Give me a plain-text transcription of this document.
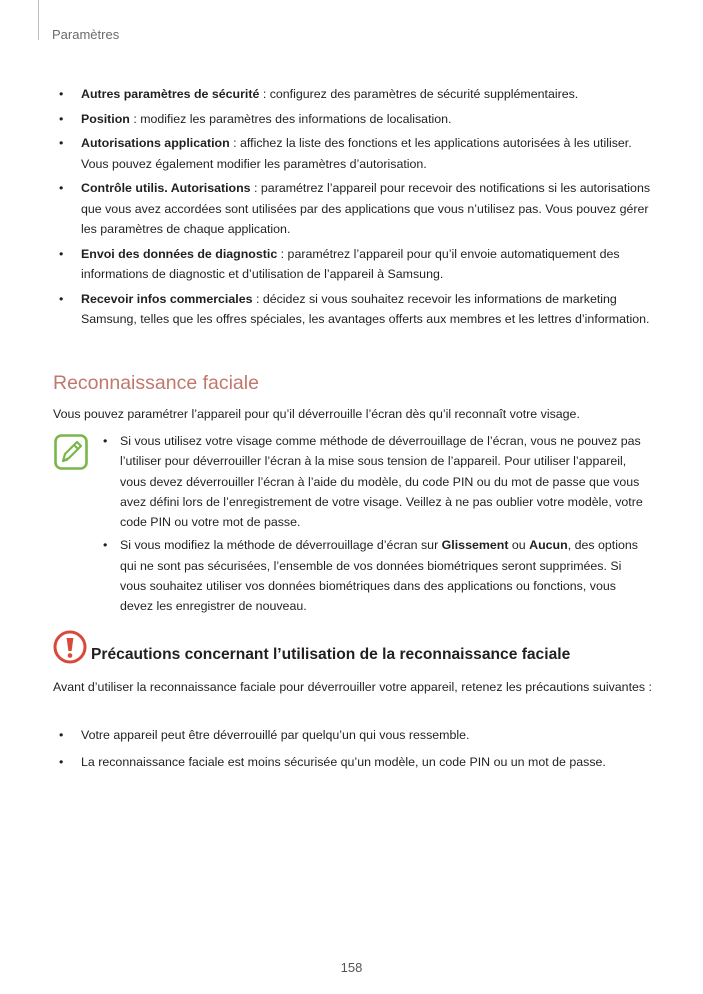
Paramètres
• Autres paramètres de sécurité : configurez des paramètres de sécurité supplémentaires.
• Position : modifiez les paramètres des informations de localisation.
• Autorisations application : affichez la liste des fonctions et les applications autorisées à les utiliser. Vous pouvez également modifier les paramètres d’autorisation.
• Contrôle utilis. Autorisations : paramétrez l’appareil pour recevoir des notifications si les autorisations que vous avez accordées sont utilisées par des applications que vous n’utilisez pas. Vous pouvez gérer les paramètres de chaque application.
• Envoi des données de diagnostic : paramétrez l’appareil pour qu’il envoie automatiquement des informations de diagnostic et d’utilisation de l’appareil à Samsung.
• Recevoir infos commerciales : décidez si vous souhaitez recevoir les informations de marketing Samsung, telles que les offres spéciales, les avantages offerts aux membres et les lettres d’information.
Reconnaissance faciale
Vous pouvez paramétrer l’appareil pour qu’il déverrouille l’écran dès qu’il reconnaît votre visage.
• Si vous utilisez votre visage comme méthode de déverrouillage de l’écran, vous ne pouvez pas l’utiliser pour déverrouiller l’écran à la mise sous tension de l’appareil. Pour utiliser l’appareil, vous devez déverrouiller l’écran à l’aide du modèle, du code PIN ou du mot de passe que vous avez défini lors de l’enregistrement de votre visage. Veillez à ne pas oublier votre modèle, votre code PIN ou votre mot de passe.
• Si vous modifiez la méthode de déverrouillage d’écran sur Glissement ou Aucun, des options qui ne sont pas sécurisées, l’ensemble de vos données biométriques seront supprimées. Si vous souhaitez utiliser vos données biométriques dans des applications ou fonctions, vous devez les enregistrer de nouveau.
Précautions concernant l’utilisation de la reconnaissance faciale
Avant d’utiliser la reconnaissance faciale pour déverrouiller votre appareil, retenez les précautions suivantes :
• Votre appareil peut être déverrouillé par quelqu’un qui vous ressemble.
• La reconnaissance faciale est moins sécurisée qu’un modèle, un code PIN ou un mot de passe.
158
